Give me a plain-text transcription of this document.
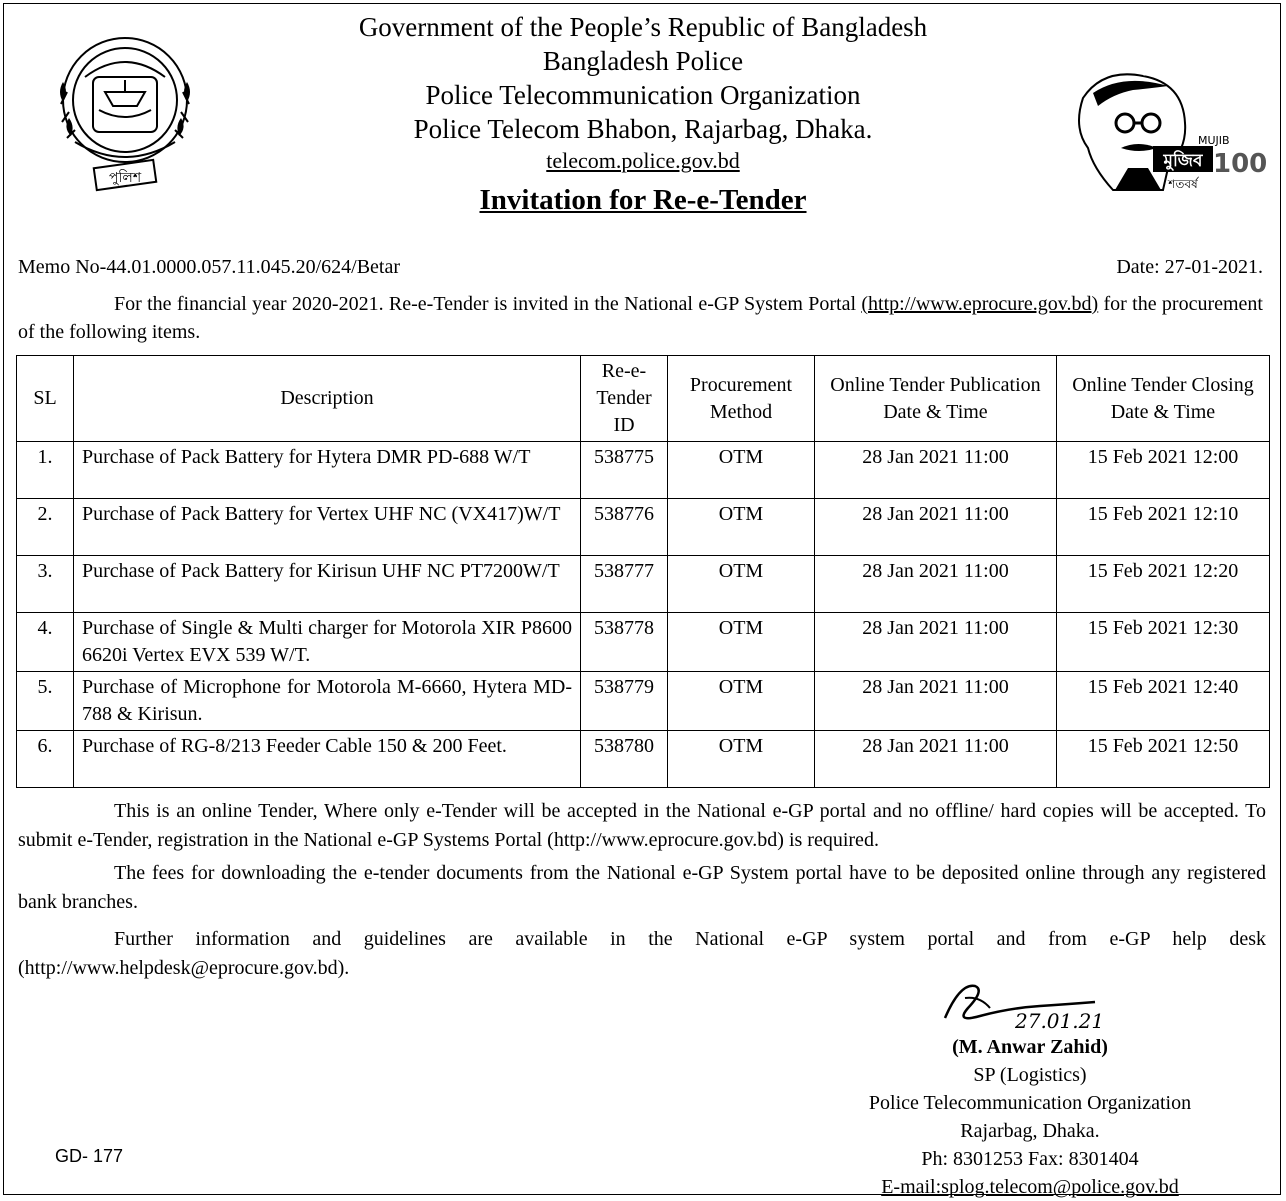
পুলিশ
মুজিব
MUJIB
100
শতবর্ষ
Government of the People’s Republic of Bangladesh
Bangladesh Police
Police Telecommunication Organization
Police Telecom Bhabon, Rajarbag, Dhaka.
telecom.police.gov.bd
Invitation for Re-e-Tender
Memo No-44.01.0000.057.11.045.20/624/Betar	Date: 27-01-2021.
For the financial year 2020-2021. Re-e-Tender is invited in the National e-GP System Portal (http://www.eprocure.gov.bd) for the procurement of the following items.
SL	Description	Re-e-Tender ID	Procurement Method	Online Tender Publication Date & Time	Online Tender Closing Date & Time
1.	Purchase of Pack Battery for Hytera DMR PD-688 W/T	538775	OTM	28 Jan 2021 11:00	15 Feb 2021 12:00
2.	Purchase of Pack Battery for Vertex UHF NC (VX417)W/T	538776	OTM	28 Jan 2021 11:00	15 Feb 2021 12:10
3.	Purchase of Pack Battery for Kirisun UHF NC PT7200W/T	538777	OTM	28 Jan 2021 11:00	15 Feb 2021 12:20
4.	Purchase of Single & Multi charger for Motorola XIR P8600 6620i Vertex EVX 539 W/T.	538778	OTM	28 Jan 2021 11:00	15 Feb 2021 12:30
5.	Purchase of Microphone for Motorola M-6660, Hytera MD-788 & Kirisun.	538779	OTM	28 Jan 2021 11:00	15 Feb 2021 12:40
6.	Purchase of RG-8/213 Feeder Cable 150 & 200 Feet.	538780	OTM	28 Jan 2021 11:00	15 Feb 2021 12:50
This is an online Tender, Where only e-Tender will be accepted in the National e-GP portal and no offline/ hard copies will be accepted. To submit e-Tender, registration in the National e-GP Systems Portal (http://www.eprocure.gov.bd) is required.
The fees for downloading the e-tender documents from the National e-GP System portal have to be deposited online through any registered bank branches.
Further information and guidelines are available in the National e-GP system portal and from e-GP help desk (http://www.helpdesk@eprocure.gov.bd).
27.01.21
(M. Anwar Zahid)
SP (Logistics)
Police Telecommunication Organization
Rajarbag, Dhaka.
Ph: 8301253 Fax: 8301404
E-mail:splog.telecom@police.gov.bd
GD- 177
